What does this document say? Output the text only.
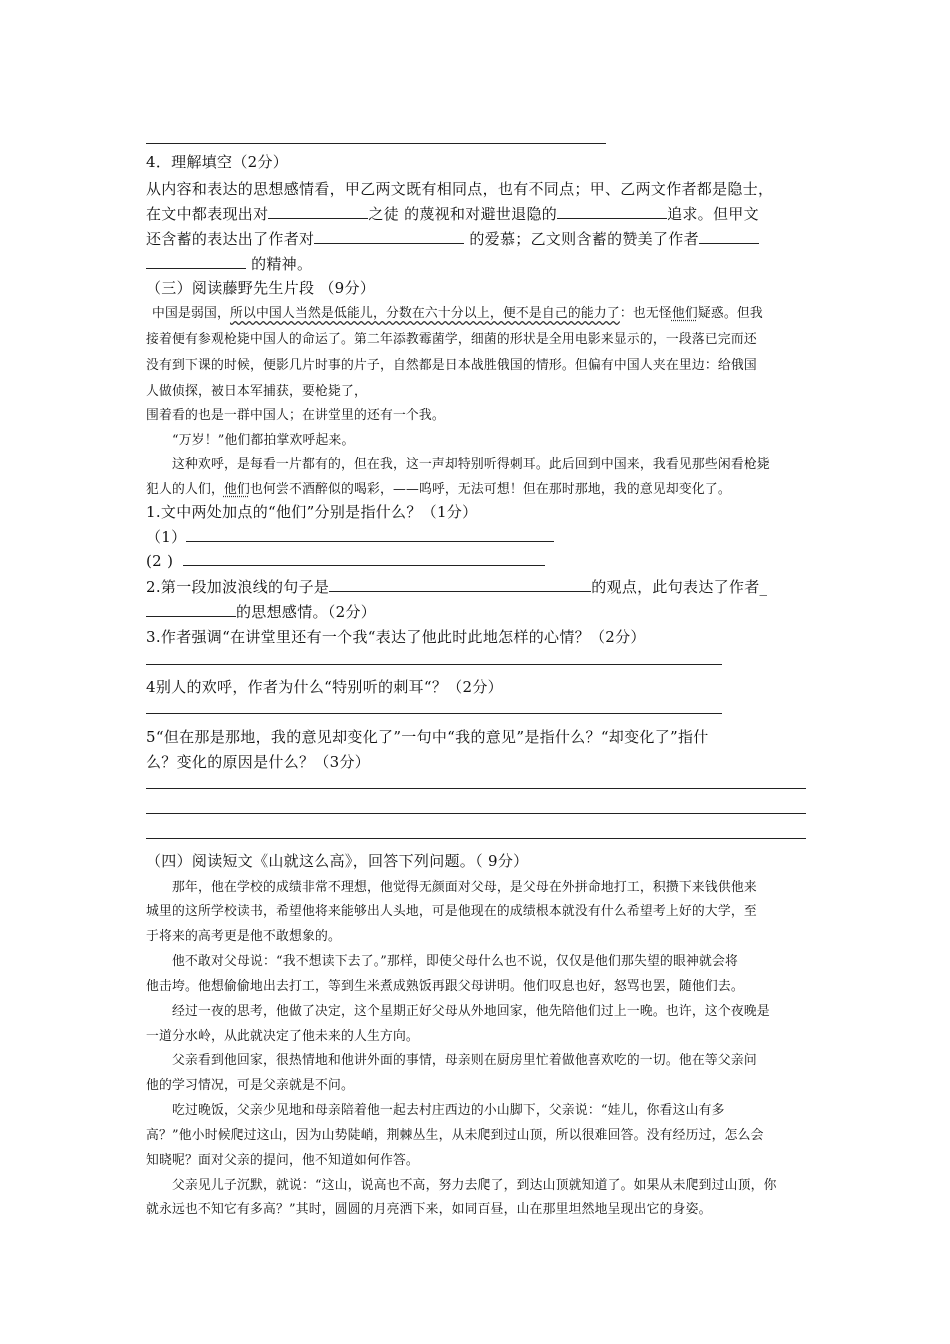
4．理解填空（2分）
从内容和表达的思想感情看，甲乙两文既有相同点，也有不同点；甲、乙两文作者都是隐士，
在文中都表现出对	之徒 的蔑视和对避世退隐的	追求。但甲文
还含蓄的表达出了作者对	的爱慕；乙文则含蓄的赞美了作者
的精神。
（三）阅读藤野先生片段 （9分）
中国是弱国，所以中国人当然是低能儿，分数在六十分以上，便不是自己的能力了：也无怪他们疑惑。但我
接着便有参观枪毙中国人的命运了。第二年添教霉菌学，细菌的形状是全用电影来显示的，一段落已完而还
没有到下课的时候，便影几片时事的片子，自然都是日本战胜俄国的情形。但偏有中国人夹在里边：给俄国
人做侦探，被日本军捕获，要枪毙了，
围着看的也是一群中国人；在讲堂里的还有一个我。
“万岁！”他们都拍掌欢呼起来。
这种欢呼，是每看一片都有的，但在我，这一声却特别听得刺耳。此后回到中国来，我看见那些闲看枪毙
犯人的人们，他们也何尝不酒醉似的喝彩，——呜呼，无法可想！但在那时那地，我的意见却变化了。
1.文中两处加点的“他们”分别是指什么？（1分）
（1）
(2 )
2.第一段加波浪线的句子是	的观点，此句表达了作者_
的思想感情。（2分）
3.作者强调“在讲堂里还有一个我“表达了他此时此地怎样的心情？（2分）
4别人的欢呼，作者为什么“特别听的刺耳“？（2分）
5“但在那是那地，我的意见却变化了”一句中“我的意见”是指什么？“却变化了”指什
么？变化的原因是什么？（3分）
（四）阅读短文《山就这么高》，回答下列问题。（ 9分）
那年，他在学校的成绩非常不理想，他觉得无颜面对父母，是父母在外拼命地打工，积攒下来钱供他来
城里的这所学校读书，希望他将来能够出人头地，可是他现在的成绩根本就没有什么希望考上好的大学，至
于将来的高考更是他不敢想象的。
他不敢对父母说：“我不想读下去了。”那样，即使父母什么也不说，仅仅是他们那失望的眼神就会将
他击垮。他想偷偷地出去打工，等到生米煮成熟饭再跟父母讲明。他们叹息也好，怒骂也罢，随他们去。
经过一夜的思考，他做了决定，这个星期正好父母从外地回家，他先陪他们过上一晚。也许，这个夜晚是
一道分水岭，从此就决定了他未来的人生方向。
父亲看到他回家，很热情地和他讲外面的事情，母亲则在厨房里忙着做他喜欢吃的一切。他在等父亲问
他的学习情况，可是父亲就是不问。
吃过晚饭，父亲少见地和母亲陪着他一起去村庄西边的小山脚下，父亲说：“娃儿，你看这山有多
高？”他小时候爬过这山，因为山势陡峭，荆棘丛生，从未爬到过山顶，所以很难回答。没有经历过，怎么会
知晓呢？面对父亲的提问，他不知道如何作答。
父亲见儿子沉默，就说：“这山，说高也不高，努力去爬了，到达山顶就知道了。如果从未爬到过山顶，你
就永远也不知它有多高？”其时，圆圆的月亮洒下来，如同百昼，山在那里坦然地呈现出它的身姿。
